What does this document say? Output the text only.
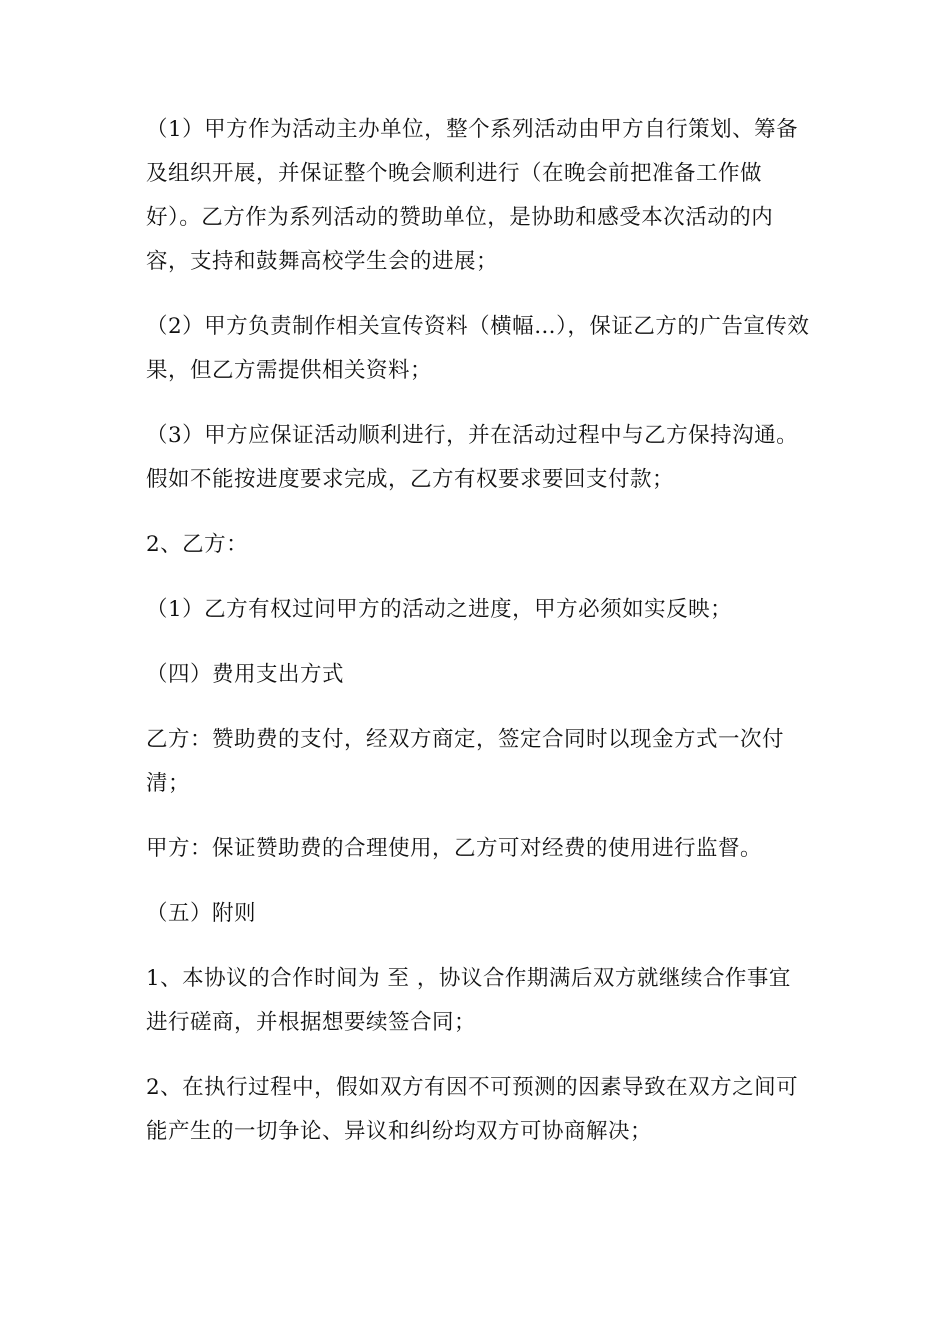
（1）甲方作为活动主办单位，整个系列活动由甲方自行策划、筹备及组织开展，并保证整个晚会顺利进行（在晚会前把准备工作做好）。乙方作为系列活动的赞助单位，是协助和感受本次活动的内容，支持和鼓舞高校学生会的进展；

（2）甲方负责制作相关宣传资料（横幅…），保证乙方的广告宣传效果，但乙方需提供相关资料；

（3）甲方应保证活动顺利进行，并在活动过程中与乙方保持沟通。假如不能按进度要求完成，乙方有权要求要回支付款；

2、乙方：

（1）乙方有权过问甲方的活动之进度，甲方必须如实反映；

（四）费用支出方式

乙方：赞助费的支付，经双方商定，签定合同时以现金方式一次付清；

甲方：保证赞助费的合理使用，乙方可对经费的使用进行监督。

（五）附则

1、本协议的合作时间为 至 ，协议合作期满后双方就继续合作事宜进行磋商，并根据想要续签合同；

2、在执行过程中，假如双方有因不可预测的因素导致在双方之间可能产生的一切争论、异议和纠纷均双方可协商解决；
